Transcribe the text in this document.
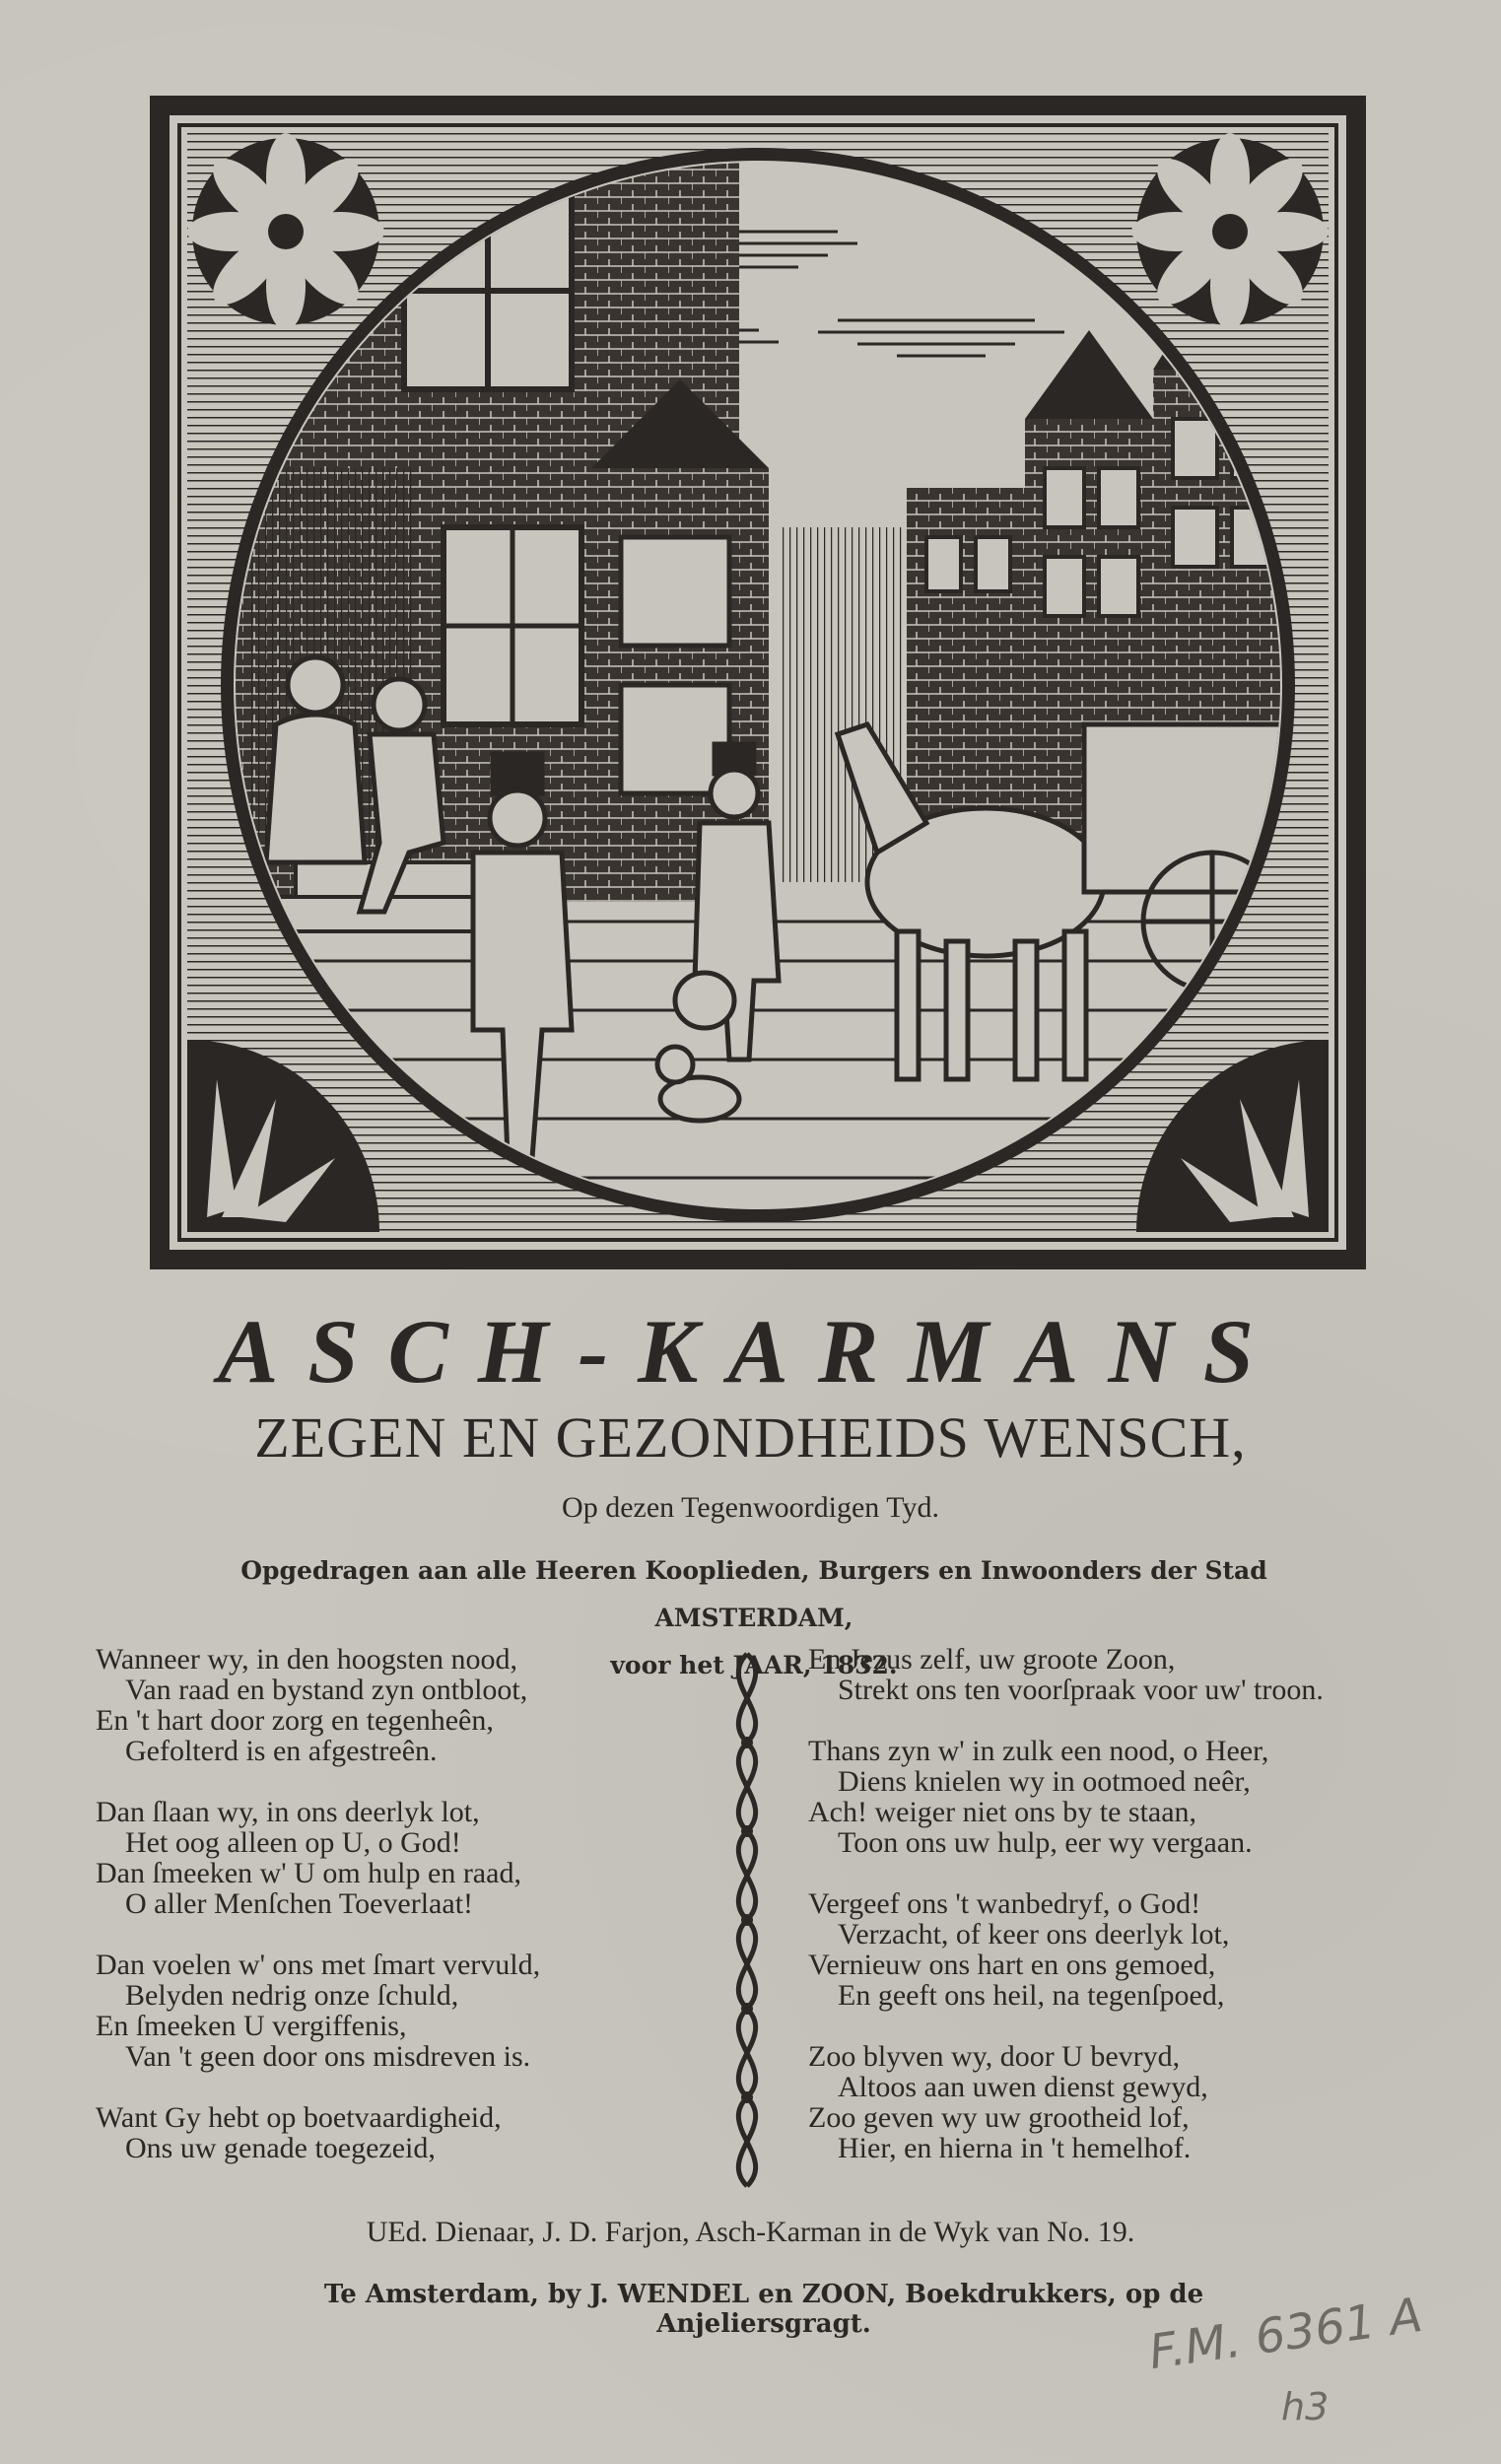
ASCH-KARMANS
ZEGEN EN GEZONDHEIDS WENSCH,
Op dezen Tegenwoordigen Tyd.
Opgedragen aan alle Heeren Kooplieden, Burgers en Inwoonders der Stad AMSTERDAM,
voor het JAAR, 1832.
Wanneer wy, in den hoogsten nood,
Van raad en bystand zyn ontbloot,
En 't hart door zorg en tegenheên,
Gefolterd is en afgestreên.
Dan ſlaan wy, in ons deerlyk lot,
Het oog alleen op U, o God!
Dan ſmeeken w' U om hulp en raad,
O aller Menſchen Toeverlaat!
Dan voelen w' ons met ſmart vervuld,
Belyden nedrig onze ſchuld,
En ſmeeken U vergiffenis,
Van 't geen door ons misdreven is.
Want Gy hebt op boetvaardigheid,
Ons uw genade toegezeid,
En Jezus zelf, uw groote Zoon,
Strekt ons ten voorſpraak voor uw' troon.
Thans zyn w' in zulk een nood, o Heer,
Diens knielen wy in ootmoed neêr,
Ach! weiger niet ons by te staan,
Toon ons uw hulp, eer wy vergaan.
Vergeef ons 't wanbedryf, o God!
Verzacht, of keer ons deerlyk lot,
Vernieuw ons hart en ons gemoed,
En geeft ons heil, na tegenſpoed,
Zoo blyven wy, door U bevryd,
Altoos aan uwen dienst gewyd,
Zoo geven wy uw grootheid lof,
Hier, en hierna in 't hemelhof.
UEd. Dienaar, J. D. Farjon, Asch-Karman in de Wyk van No. 19.
Te Amsterdam, by J. WENDEL en ZOON, Boekdrukkers, op de Anjeliersgragt.	F.M. 6361 A
h3
